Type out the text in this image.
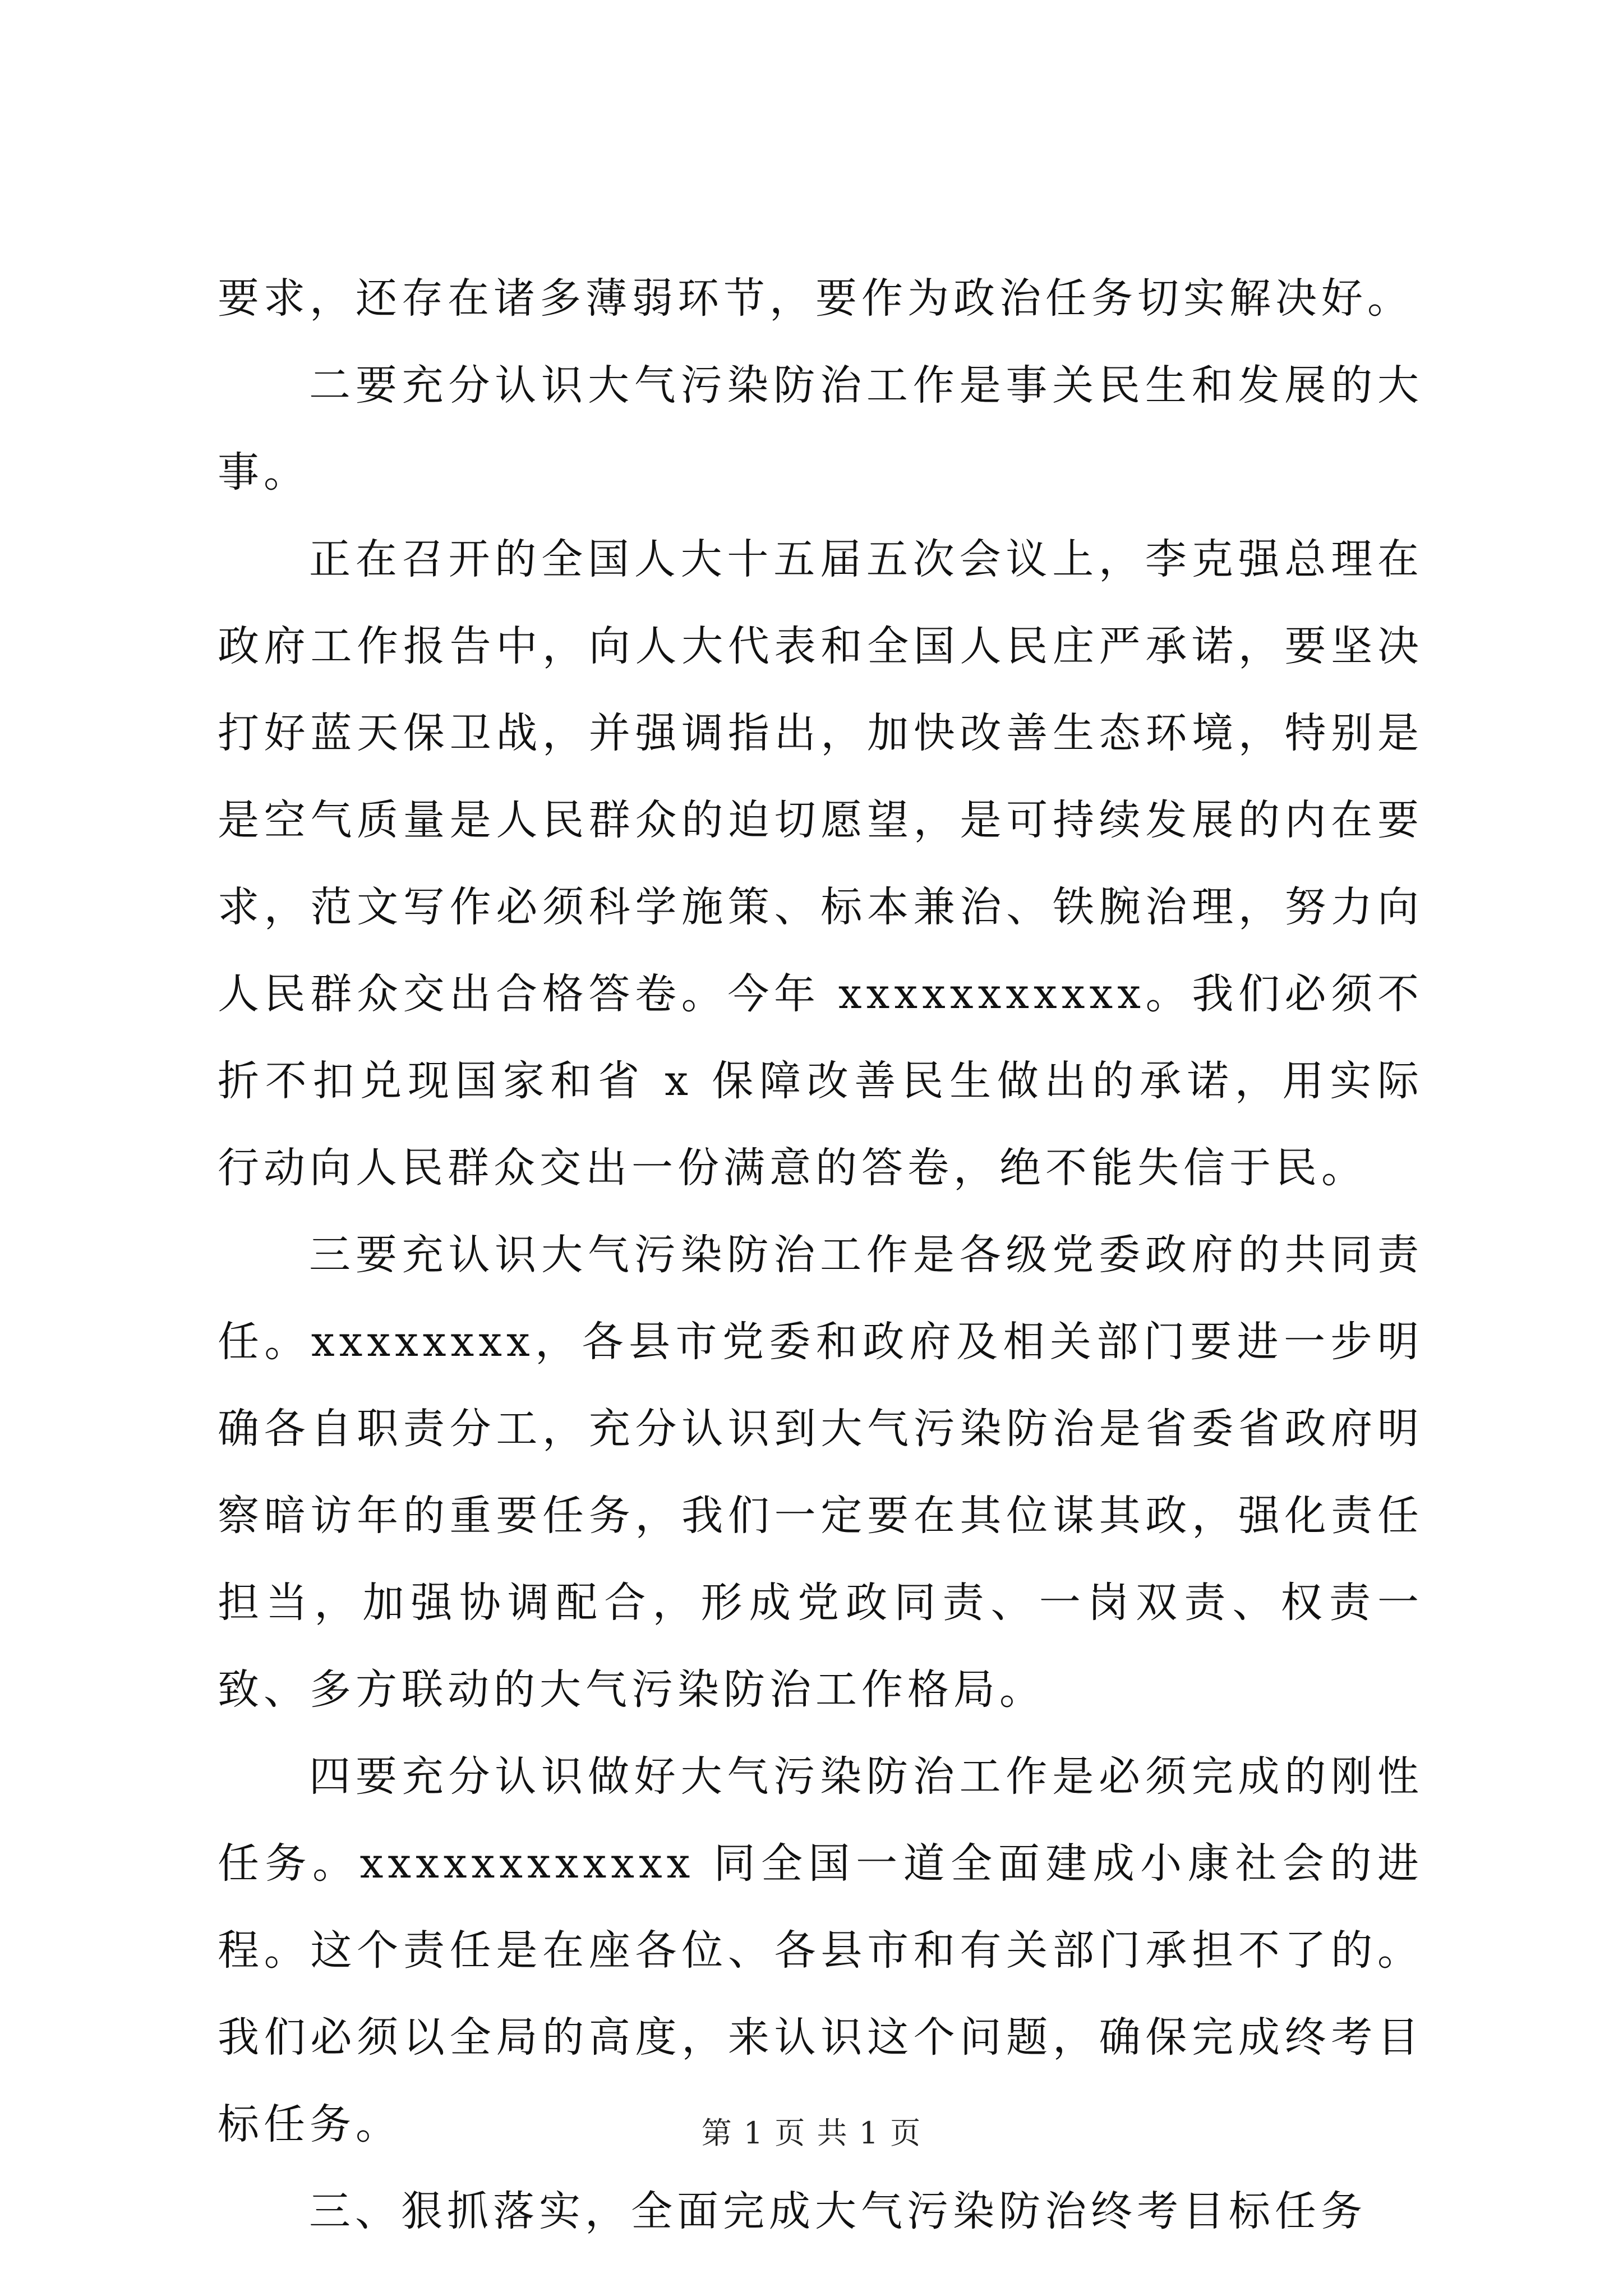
要求，还存在诸多薄弱环节，要作为政治任务切实解决好。

二要充分认识大气污染防治工作是事关民生和发展的大事。

正在召开的全国人大十五届五次会议上，李克强总理在政府工作报告中，向人大代表和全国人民庄严承诺，要坚决打好蓝天保卫战，并强调指出，加快改善生态环境，特别是是空气质量是人民群众的迫切愿望，是可持续发展的内在要求，范文写作必须科学施策、标本兼治、铁腕治理，努力向人民群众交出合格答卷。今年 xxxxxxxxxxx。我们必须不折不扣兑现国家和省 x 保障改善民生做出的承诺，用实际行动向人民群众交出一份满意的答卷，绝不能失信于民。

三要充认识大气污染防治工作是各级党委政府的共同责任。xxxxxxxx，各县市党委和政府及相关部门要进一步明确各自职责分工，充分认识到大气污染防治是省委省政府明察暗访年的重要任务，我们一定要在其位谋其政，强化责任担当，加强协调配合，形成党政同责、一岗双责、权责一致、多方联动的大气污染防治工作格局。

四要充分认识做好大气污染防治工作是必须完成的刚性任务。xxxxxxxxxxxx 同全国一道全面建成小康社会的进程。这个责任是在座各位、各县市和有关部门承担不了的。我们必须以全局的高度，来认识这个问题，确保完成终考目标任务。

三、狠抓落实，全面完成大气污染防治终考目标任务

第 1 页 共 1 页
